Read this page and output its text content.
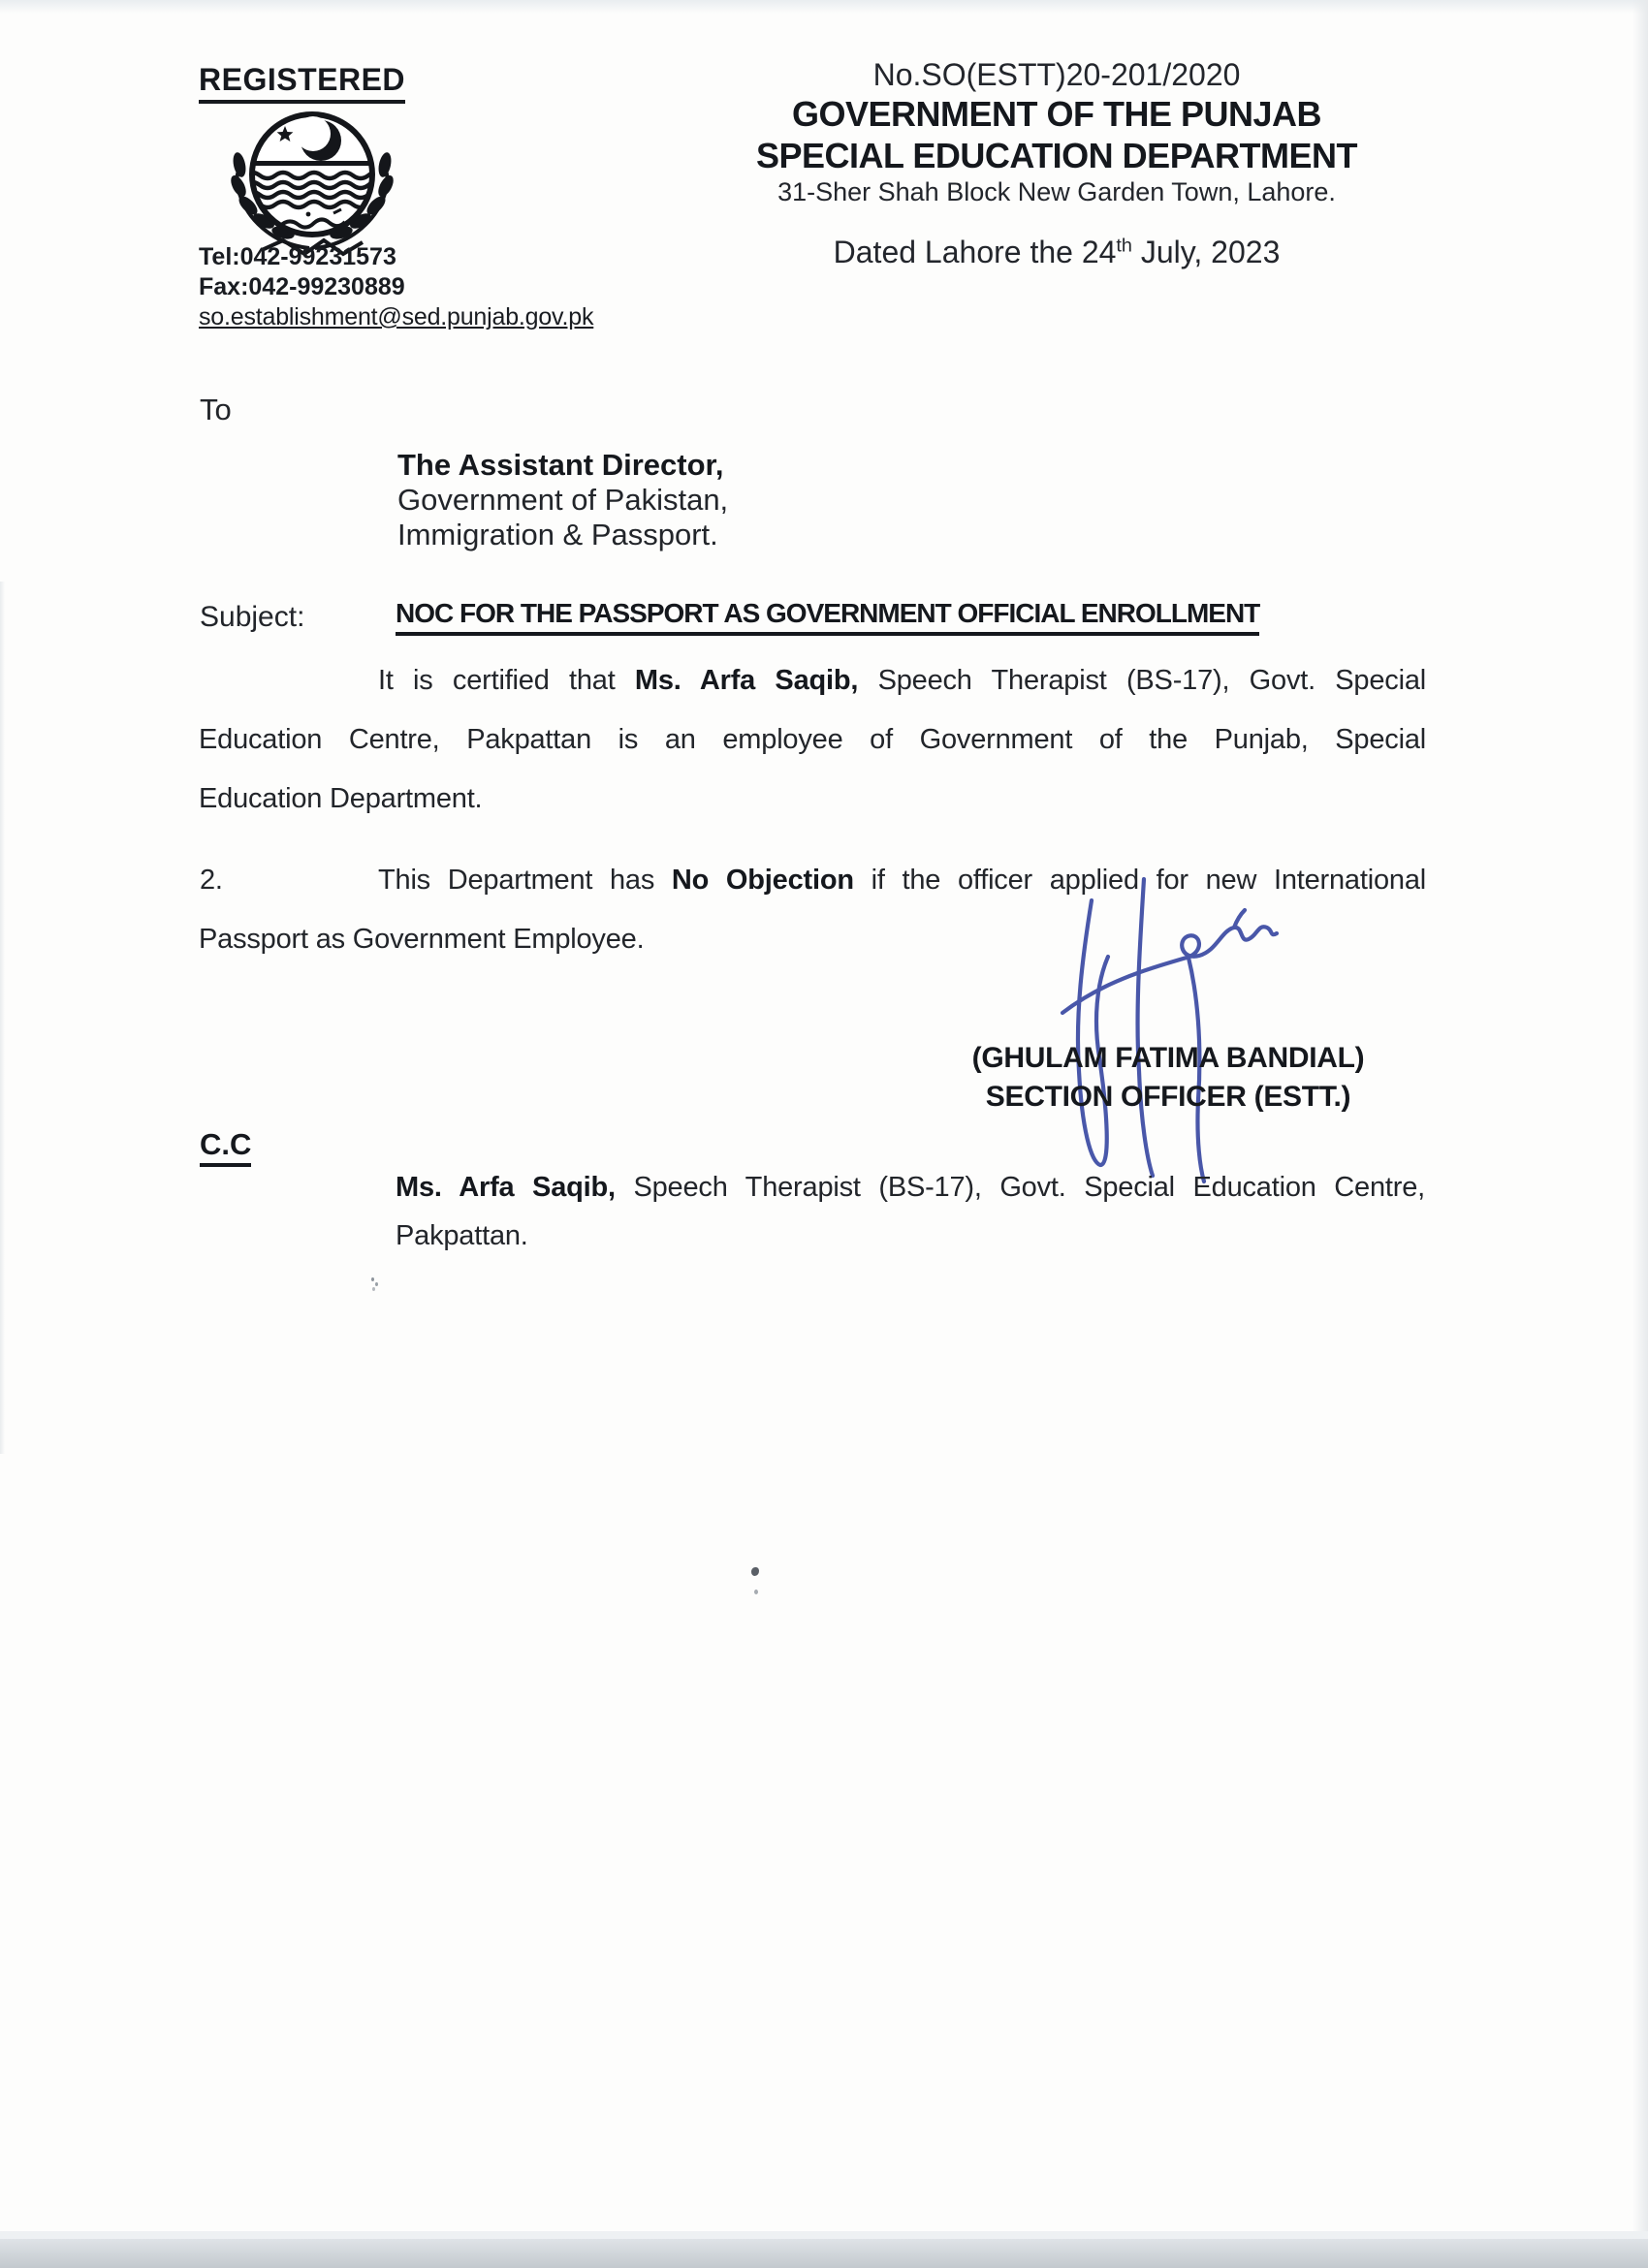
REGISTERED
Tel:042-99231573
Fax:042-99230889
so.establishment@sed.punjab.gov.pk
No.SO(ESTT)20-201/2020
GOVERNMENT OF THE PUNJAB
SPECIAL EDUCATION DEPARTMENT
31-Sher Shah Block New Garden Town, Lahore.
Dated Lahore the 24th July, 2023
To
The Assistant Director,
Government of Pakistan,
Immigration & Passport.
Subject:	NOC FOR THE PASSPORT AS GOVERNMENT OFFICIAL ENROLLMENT
It is certified that Ms. Arfa Saqib, Speech Therapist (BS-17), Govt. Special
Education Centre, Pakpattan is an employee of Government of the Punjab, Special
Education Department.
2.	This Department has No Objection if the officer applied for new International
Passport as Government Employee.
(GHULAM FATIMA BANDIAL)
SECTION OFFICER (ESTT.)
C.C
Ms. Arfa Saqib, Speech Therapist (BS-17), Govt. Special Education Centre,
Pakpattan.
